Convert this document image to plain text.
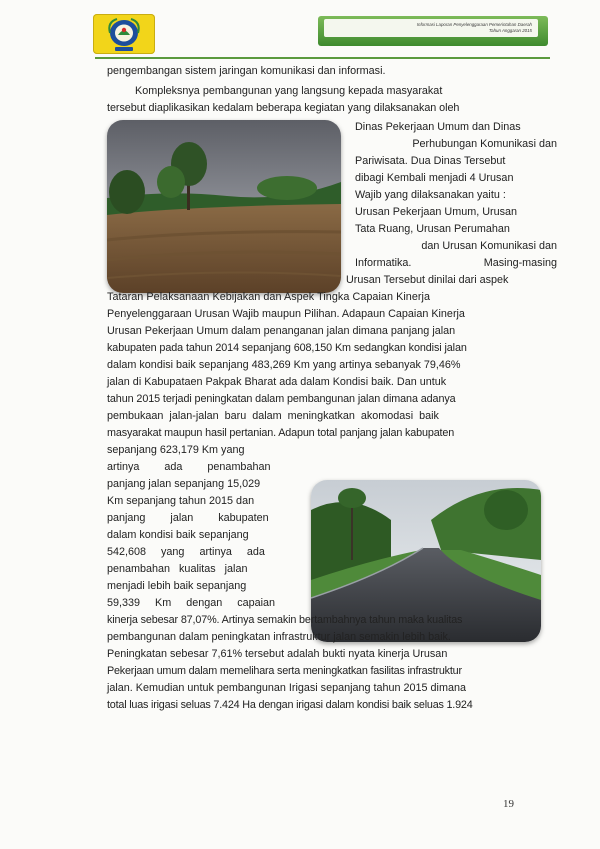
Informasi Laporan Penyelenggaraan Pemerintahan Daerah
Tahun Anggaran 2015
pengembangan sistem jaringan komunikasi dan informasi.
Kompleksnya pembangunan yang langsung kepada masyarakat
tersebut diaplikasikan kedalam beberapa kegiatan yang dilaksanakan oleh
Dinas Pekerjaan Umum dan Dinas
Perhubungan Komunikasi dan
Pariwisata. Dua Dinas Tersebut
dibagi Kembali menjadi 4 Urusan
Wajib yang dilaksanakan yaitu :
Urusan Pekerjaan Umum, Urusan
Tata Ruang, Urusan Perumahan
dan Urusan Komunikasi dan
Informatika.	Masing-masing
Urusan Tersebut dinilai dari aspek
Tataran Pelaksanaan Kebijakan dan Aspek Tingka Capaian Kinerja
Penyelenggaraan Urusan Wajib maupun Pilihan. Adapaun Capaian Kinerja
Urusan Pekerjaan Umum dalam penanganan jalan dimana panjang jalan
kabupaten pada tahun 2014 sepanjang 608,150 Km sedangkan kondisi jalan
dalam kondisi baik sepanjang 483,269 Km yang artinya sebanyak 79,46%
jalan di Kabupataen Pakpak Bharat ada dalam Kondisi baik. Dan untuk
tahun 2015 terjadi peningkatan dalam pembangunan jalan dimana adanya
pembukaan jalan-jalan baru dalam meningkatkan akomodasi baik
masyarakat maupun hasil pertanian. Adapun total panjang jalan kabupaten
sepanjang 623,179 Km yang
artinya ada penambahan
panjang jalan sepanjang 15,029
Km sepanjang tahun 2015 dan
panjang jalan kabupaten
dalam kondisi baik sepanjang
542,608 yang artinya ada
penambahan kualitas jalan
menjadi lebih baik sepanjang
59,339 Km dengan capaian
kinerja sebesar 87,07%. Artinya semakin bertambahnya tahun maka kualitas
pembangunan dalam peningkatan infrastruktur jalan semakin lebih baik.
Peningkatan sebesar 7,61% tersebut adalah bukti nyata kinerja Urusan
Pekerjaan umum dalam memelihara serta meningkatkan fasilitas infrastruktur
jalan. Kemudian untuk pembangunan Irigasi sepanjang tahun 2015 dimana
total luas irigasi seluas 7.424 Ha dengan irigasi dalam kondisi baik seluas 1.924
19
